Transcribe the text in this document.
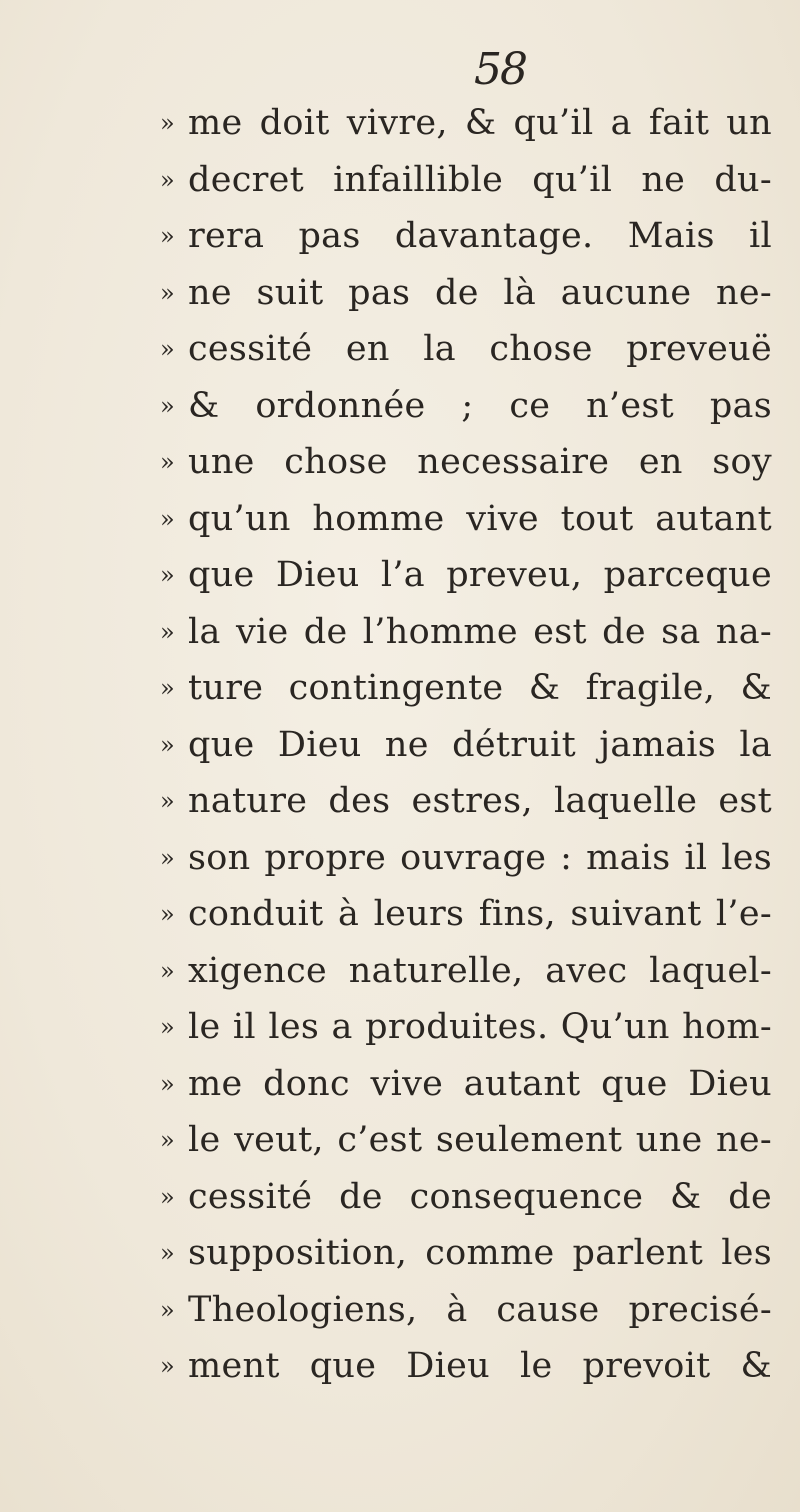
58
» me doit vivre, & qu’il a fait un
» decret infaillible qu’il ne du-
» rera pas davantage. Mais il
» ne suit pas de là aucune ne-
» cessité en la chose preveuë
» & ordonnée ; ce n’est pas
» une chose necessaire en soy
» qu’un homme vive tout autant
» que Dieu l’a preveu, parceque
» la vie de l’homme est de sa na-
» ture contingente & fragile, &
» que Dieu ne détruit jamais la
» nature des estres, laquelle est
» son propre ouvrage : mais il les
» conduit à leurs fins, suivant l’e-
» xigence naturelle, avec laquel-
» le il les a produites. Qu’un hom-
» me donc vive autant que Dieu
» le veut, c’est seulement une ne-
» cessité de consequence & de
» supposition, comme parlent les
» Theologiens, à cause precisé-
» ment que Dieu le prevoit &
